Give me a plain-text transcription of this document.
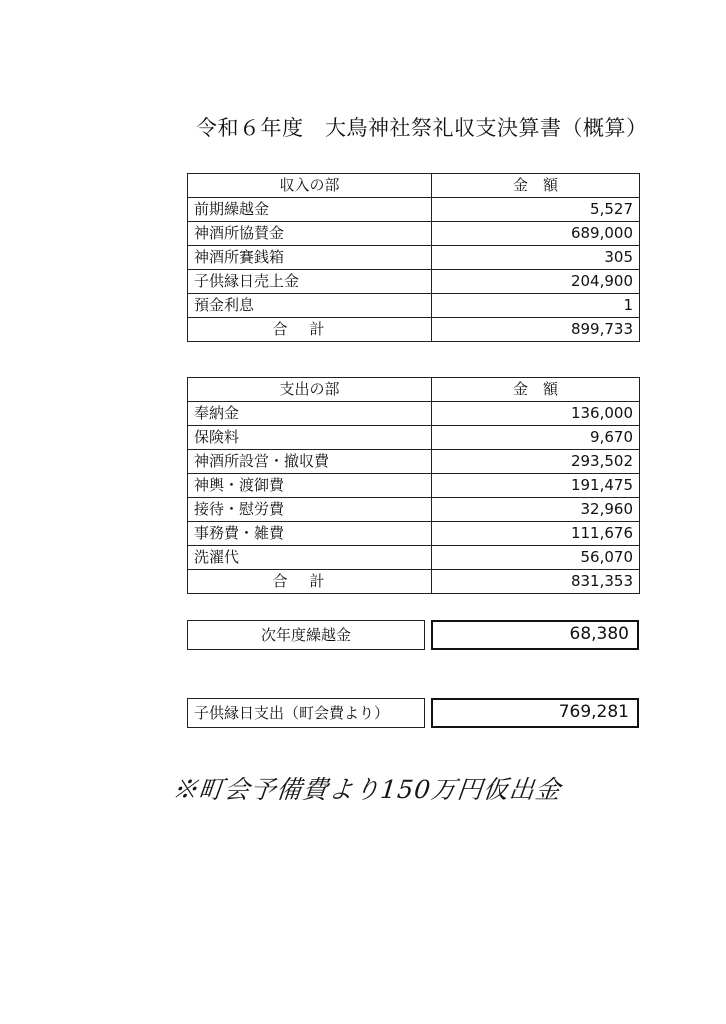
令和６年度　大鳥神社祭礼収支決算書（概算）
収入の部	金　額
前期繰越金	5,527
神酒所協賛金	689,000
神酒所賽銭箱	305
子供縁日売上金	204,900
預金利息	1
合計	899,733
支出の部	金　額
奉納金	136,000
保険料	9,670
神酒所設営・撤収費	293,502
神輿・渡御費	191,475
接待・慰労費	32,960
事務費・雑費	111,676
洗濯代	56,070
合計	831,353
次年度繰越金	68,380
子供縁日支出（町会費より）	769,281
※町会予備費より150万円仮出金
